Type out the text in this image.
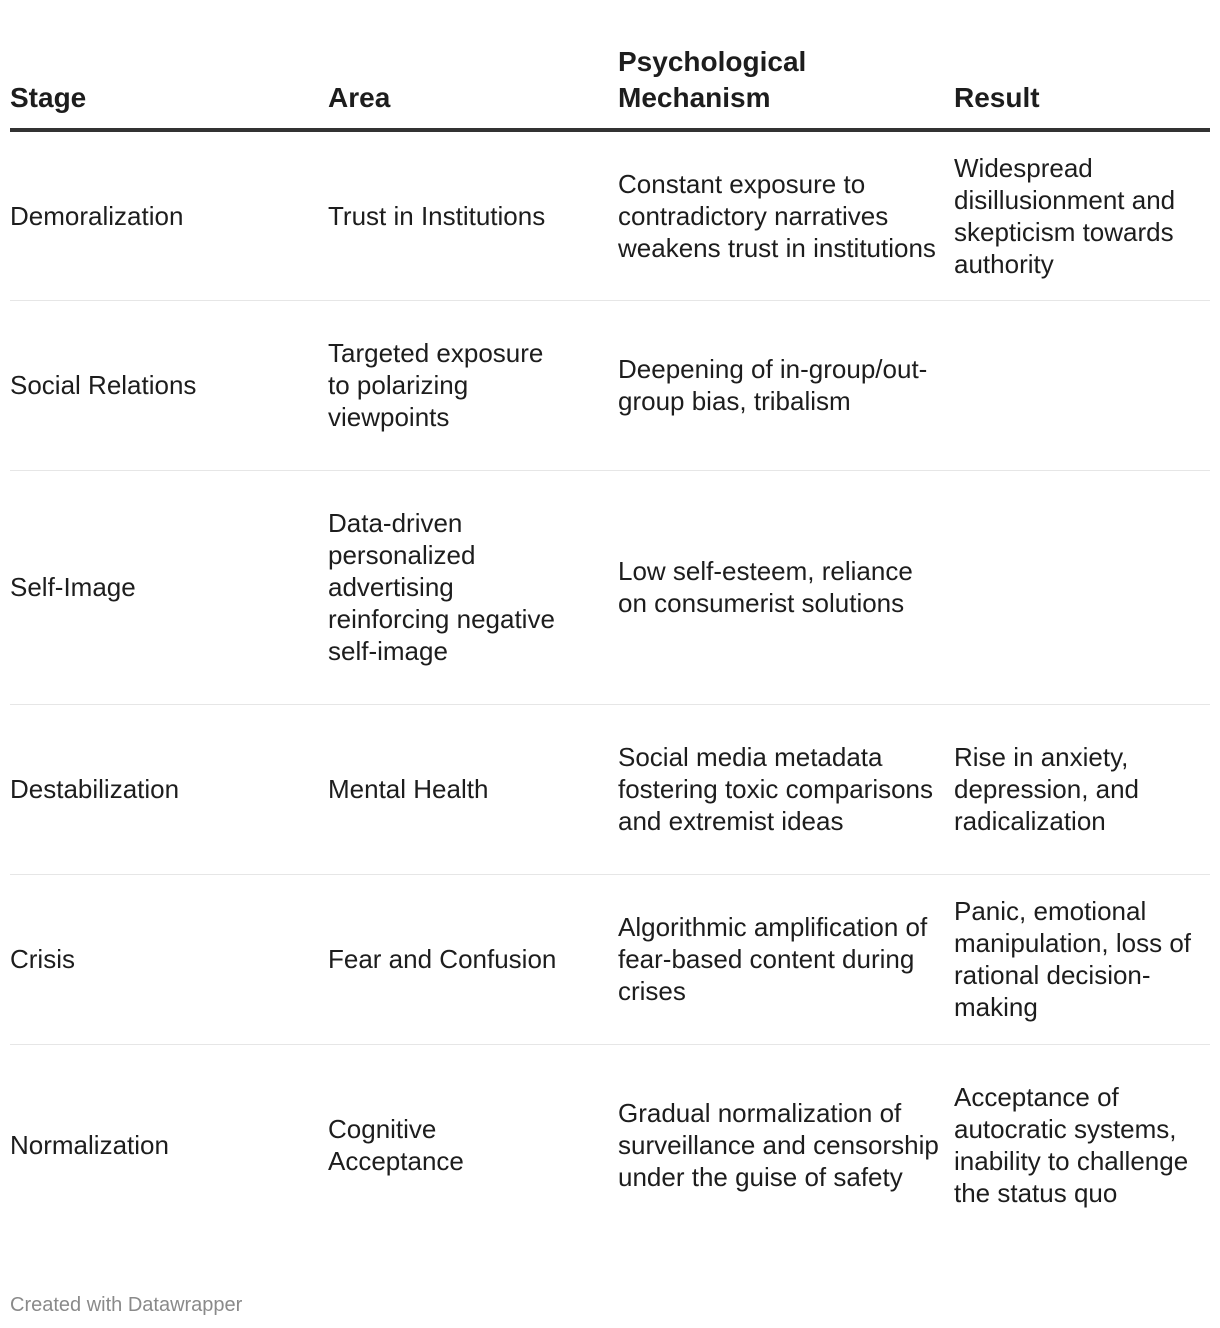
Stage	Area	Psychological Mechanism	Result

Demoralization	Trust in Institutions	Constant exposure to contradictory narratives weakens trust in institutions	Widespread disillusionment and skepticism towards authority
Social Relations	Targeted exposure to polarizing viewpoints	Deepening of in-group/out-group bias, tribalism	
Self-Image	Data-driven personalized advertising reinforcing negative self-image	Low self-esteem, reliance on consumerist solutions	
Destabilization	Mental Health	Social media metadata fostering toxic comparisons and extremist ideas	Rise in anxiety, depression, and radicalization
Crisis	Fear and Confusion	Algorithmic amplification of fear-based content during crises	Panic, emotional manipulation, loss of rational decision-making
Normalization	Cognitive Acceptance	Gradual normalization of surveillance and censorship under the guise of safety	Acceptance of autocratic systems, inability to challenge the status quo
Created with Datawrapper
